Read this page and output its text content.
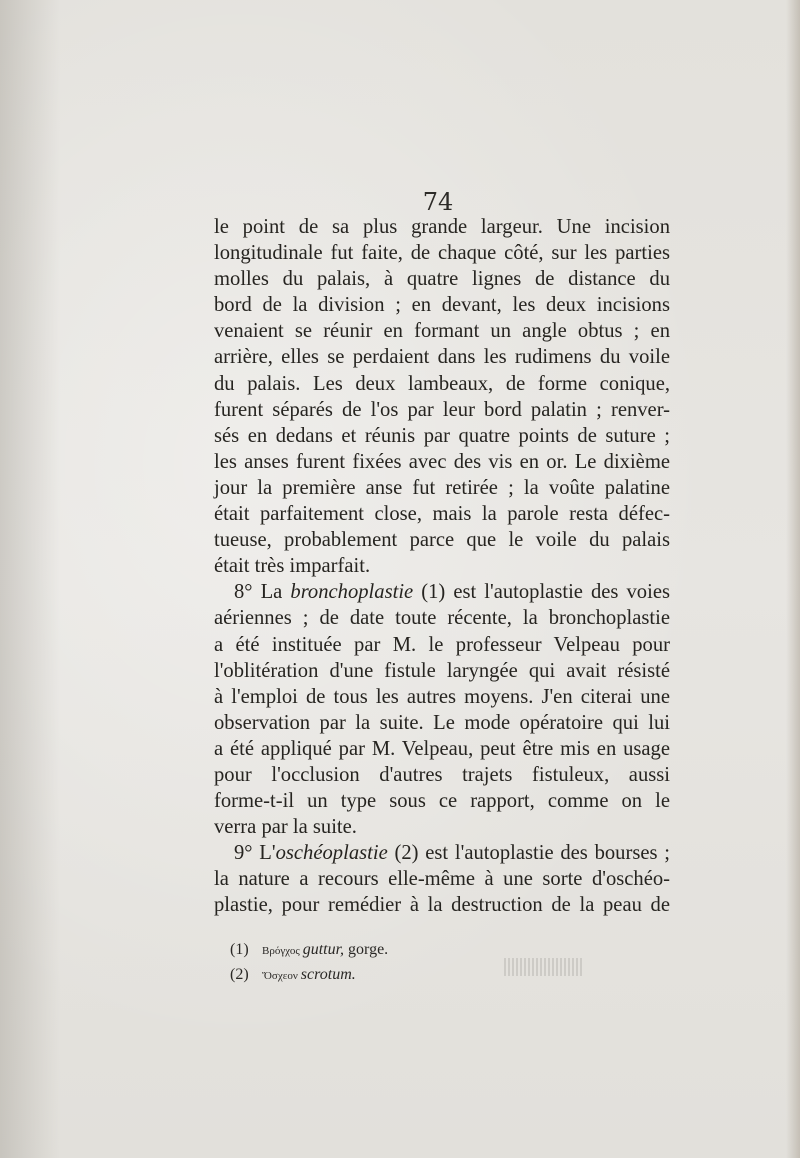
74
le point de sa plus grande largeur. Une incision
longitudinale fut faite, de chaque côté, sur les parties
molles du palais, à quatre lignes de distance du
bord de la division ; en devant, les deux incisions
venaient se réunir en formant un angle obtus ; en
arrière, elles se perdaient dans les rudimens du voile
du palais. Les deux lambeaux, de forme conique,
furent séparés de l'os par leur bord palatin ; renver-
sés en dedans et réunis par quatre points de suture ;
les anses furent fixées avec des vis en or. Le dixième
jour la première anse fut retirée ; la voûte palatine
était parfaitement close, mais la parole resta défec-
tueuse, probablement parce que le voile du palais
était très imparfait.
8° La bronchoplastie (1) est l'autoplastie des voies
aériennes ; de date toute récente, la bronchoplastie
a été instituée par M. le professeur Velpeau pour
l'oblitération d'une fistule laryngée qui avait résisté
à l'emploi de tous les autres moyens. J'en citerai une
observation par la suite. Le mode opératoire qui lui
a été appliqué par M. Velpeau, peut être mis en usage
pour l'occlusion d'autres trajets fistuleux, aussi
forme-t-il un type sous ce rapport, comme on le
verra par la suite.
9° L'oschéoplastie (2) est l'autoplastie des bourses ;
la nature a recours elle-même à une sorte d'oschéo-
plastie, pour remédier à la destruction de la peau de
(1) Βρόγχος guttur, gorge.
(2) Ὄσχεον scrotum.
